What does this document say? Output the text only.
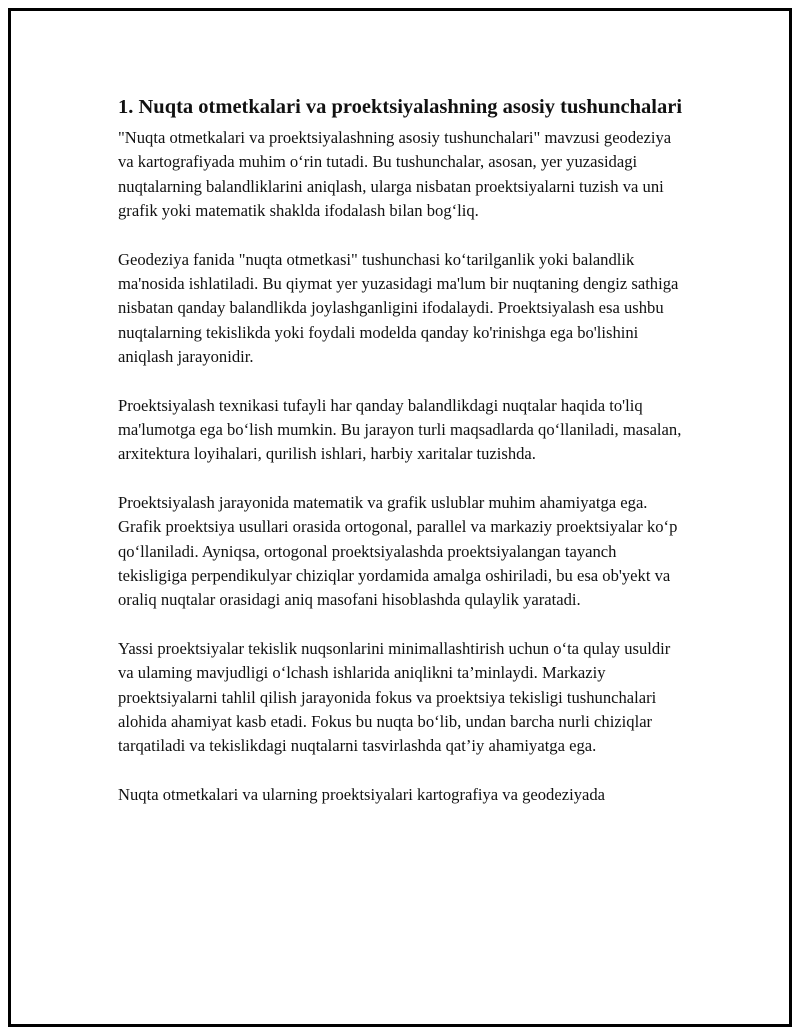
1. Nuqta otmetkalari va proektsiyalashning asosiy tushunchalari

"Nuqta otmetkalari va proektsiyalashning asosiy tushunchalari" mavzusi geodeziya va kartografiyada muhim o‘rin tutadi. Bu tushunchalar, asosan, yer yuzasidagi nuqtalarning balandliklarini aniqlash, ularga nisbatan proektsiyalarni tuzish va uni grafik yoki matematik shaklda ifodalash bilan bog‘liq.

Geodeziya fanida "nuqta otmetkasi" tushunchasi ko‘tarilganlik yoki balandlik ma'nosida ishlatiladi. Bu qiymat yer yuzasidagi ma'lum bir nuqtaning dengiz sathiga nisbatan qanday balandlikda joylashganligini ifodalaydi. Proektsiyalash esa ushbu nuqtalarning tekislikda yoki foydali modelda qanday ko'rinishga ega bo'lishini aniqlash jarayonidir.

Proektsiyalash texnikasi tufayli har qanday balandlikdagi nuqtalar haqida to'liq ma'lumotga ega bo‘lish mumkin. Bu jarayon turli maqsadlarda qo‘llaniladi, masalan, arxitektura loyihalari, qurilish ishlari, harbiy xaritalar tuzishda.

Proektsiyalash jarayonida matematik va grafik uslublar muhim ahamiyatga ega. Grafik proektsiya usullari orasida ortogonal, parallel va markaziy proektsiyalar ko‘p qo‘llaniladi. Ayniqsa, ortogonal proektsiyalashda proektsiyalangan tayanch tekisligiga perpendikulyar chiziqlar yordamida amalga oshiriladi, bu esa ob'yekt va oraliq nuqtalar orasidagi aniq masofani hisoblashda qulaylik yaratadi.

Yassi proektsiyalar tekislik nuqsonlarini minimallashtirish uchun o‘ta qulay usuldir va ulaming mavjudligi o‘lchash ishlarida aniqlikni ta’minlaydi. Markaziy proektsiyalarni tahlil qilish jarayonida fokus va proektsiya tekisligi tushunchalari alohida ahamiyat kasb etadi. Fokus bu nuqta bo‘lib, undan barcha nurli chiziqlar tarqatiladi va tekislikdagi nuqtalarni tasvirlashda qat’iy ahamiyatga ega.

Nuqta otmetkalari va ularning proektsiyalari kartografiya va geodeziyada
